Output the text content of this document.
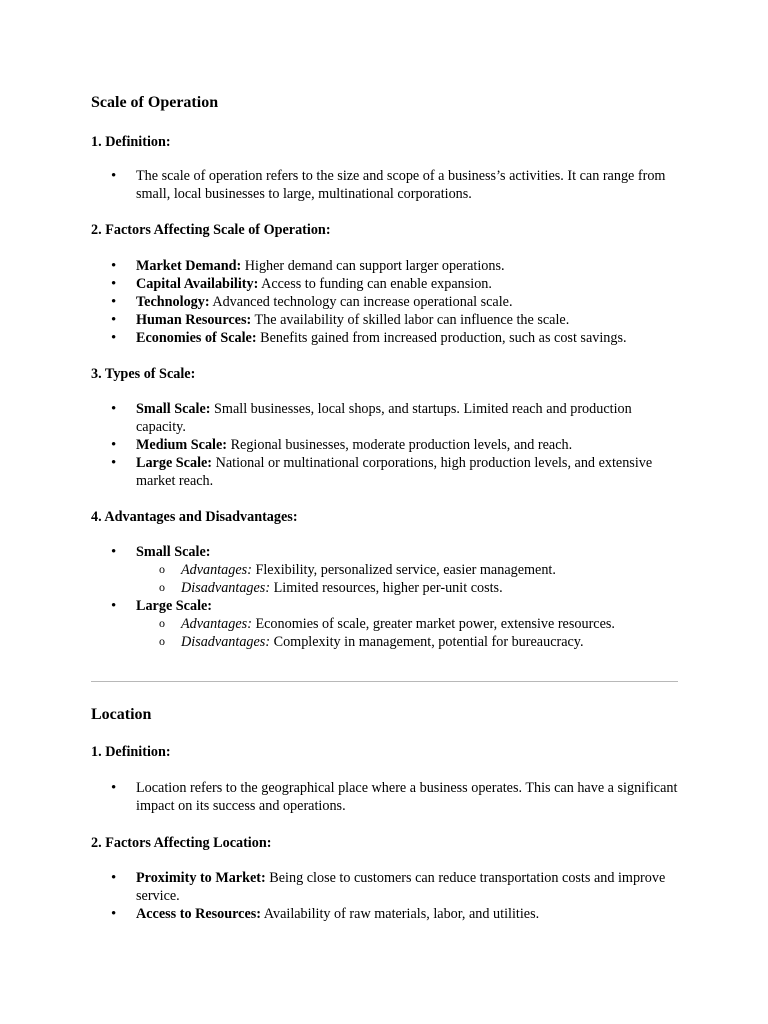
Scale of Operation
1. Definition:
• The scale of operation refers to the size and scope of a business’s activities. It can range from small, local businesses to large, multinational corporations.
2. Factors Affecting Scale of Operation:
• Market Demand: Higher demand can support larger operations.
• Capital Availability: Access to funding can enable expansion.
• Technology: Advanced technology can increase operational scale.
• Human Resources: The availability of skilled labor can influence the scale.
• Economies of Scale: Benefits gained from increased production, such as cost savings.
3. Types of Scale:
• Small Scale: Small businesses, local shops, and startups. Limited reach and production capacity.
• Medium Scale: Regional businesses, moderate production levels, and reach.
• Large Scale: National or multinational corporations, high production levels, and extensive market reach.
4. Advantages and Disadvantages:
• Small Scale:
o Advantages: Flexibility, personalized service, easier management.
o Disadvantages: Limited resources, higher per-unit costs.
• Large Scale:
o Advantages: Economies of scale, greater market power, extensive resources.
o Disadvantages: Complexity in management, potential for bureaucracy.
Location
1. Definition:
• Location refers to the geographical place where a business operates. This can have a significant impact on its success and operations.
2. Factors Affecting Location:
• Proximity to Market: Being close to customers can reduce transportation costs and improve service.
• Access to Resources: Availability of raw materials, labor, and utilities.
